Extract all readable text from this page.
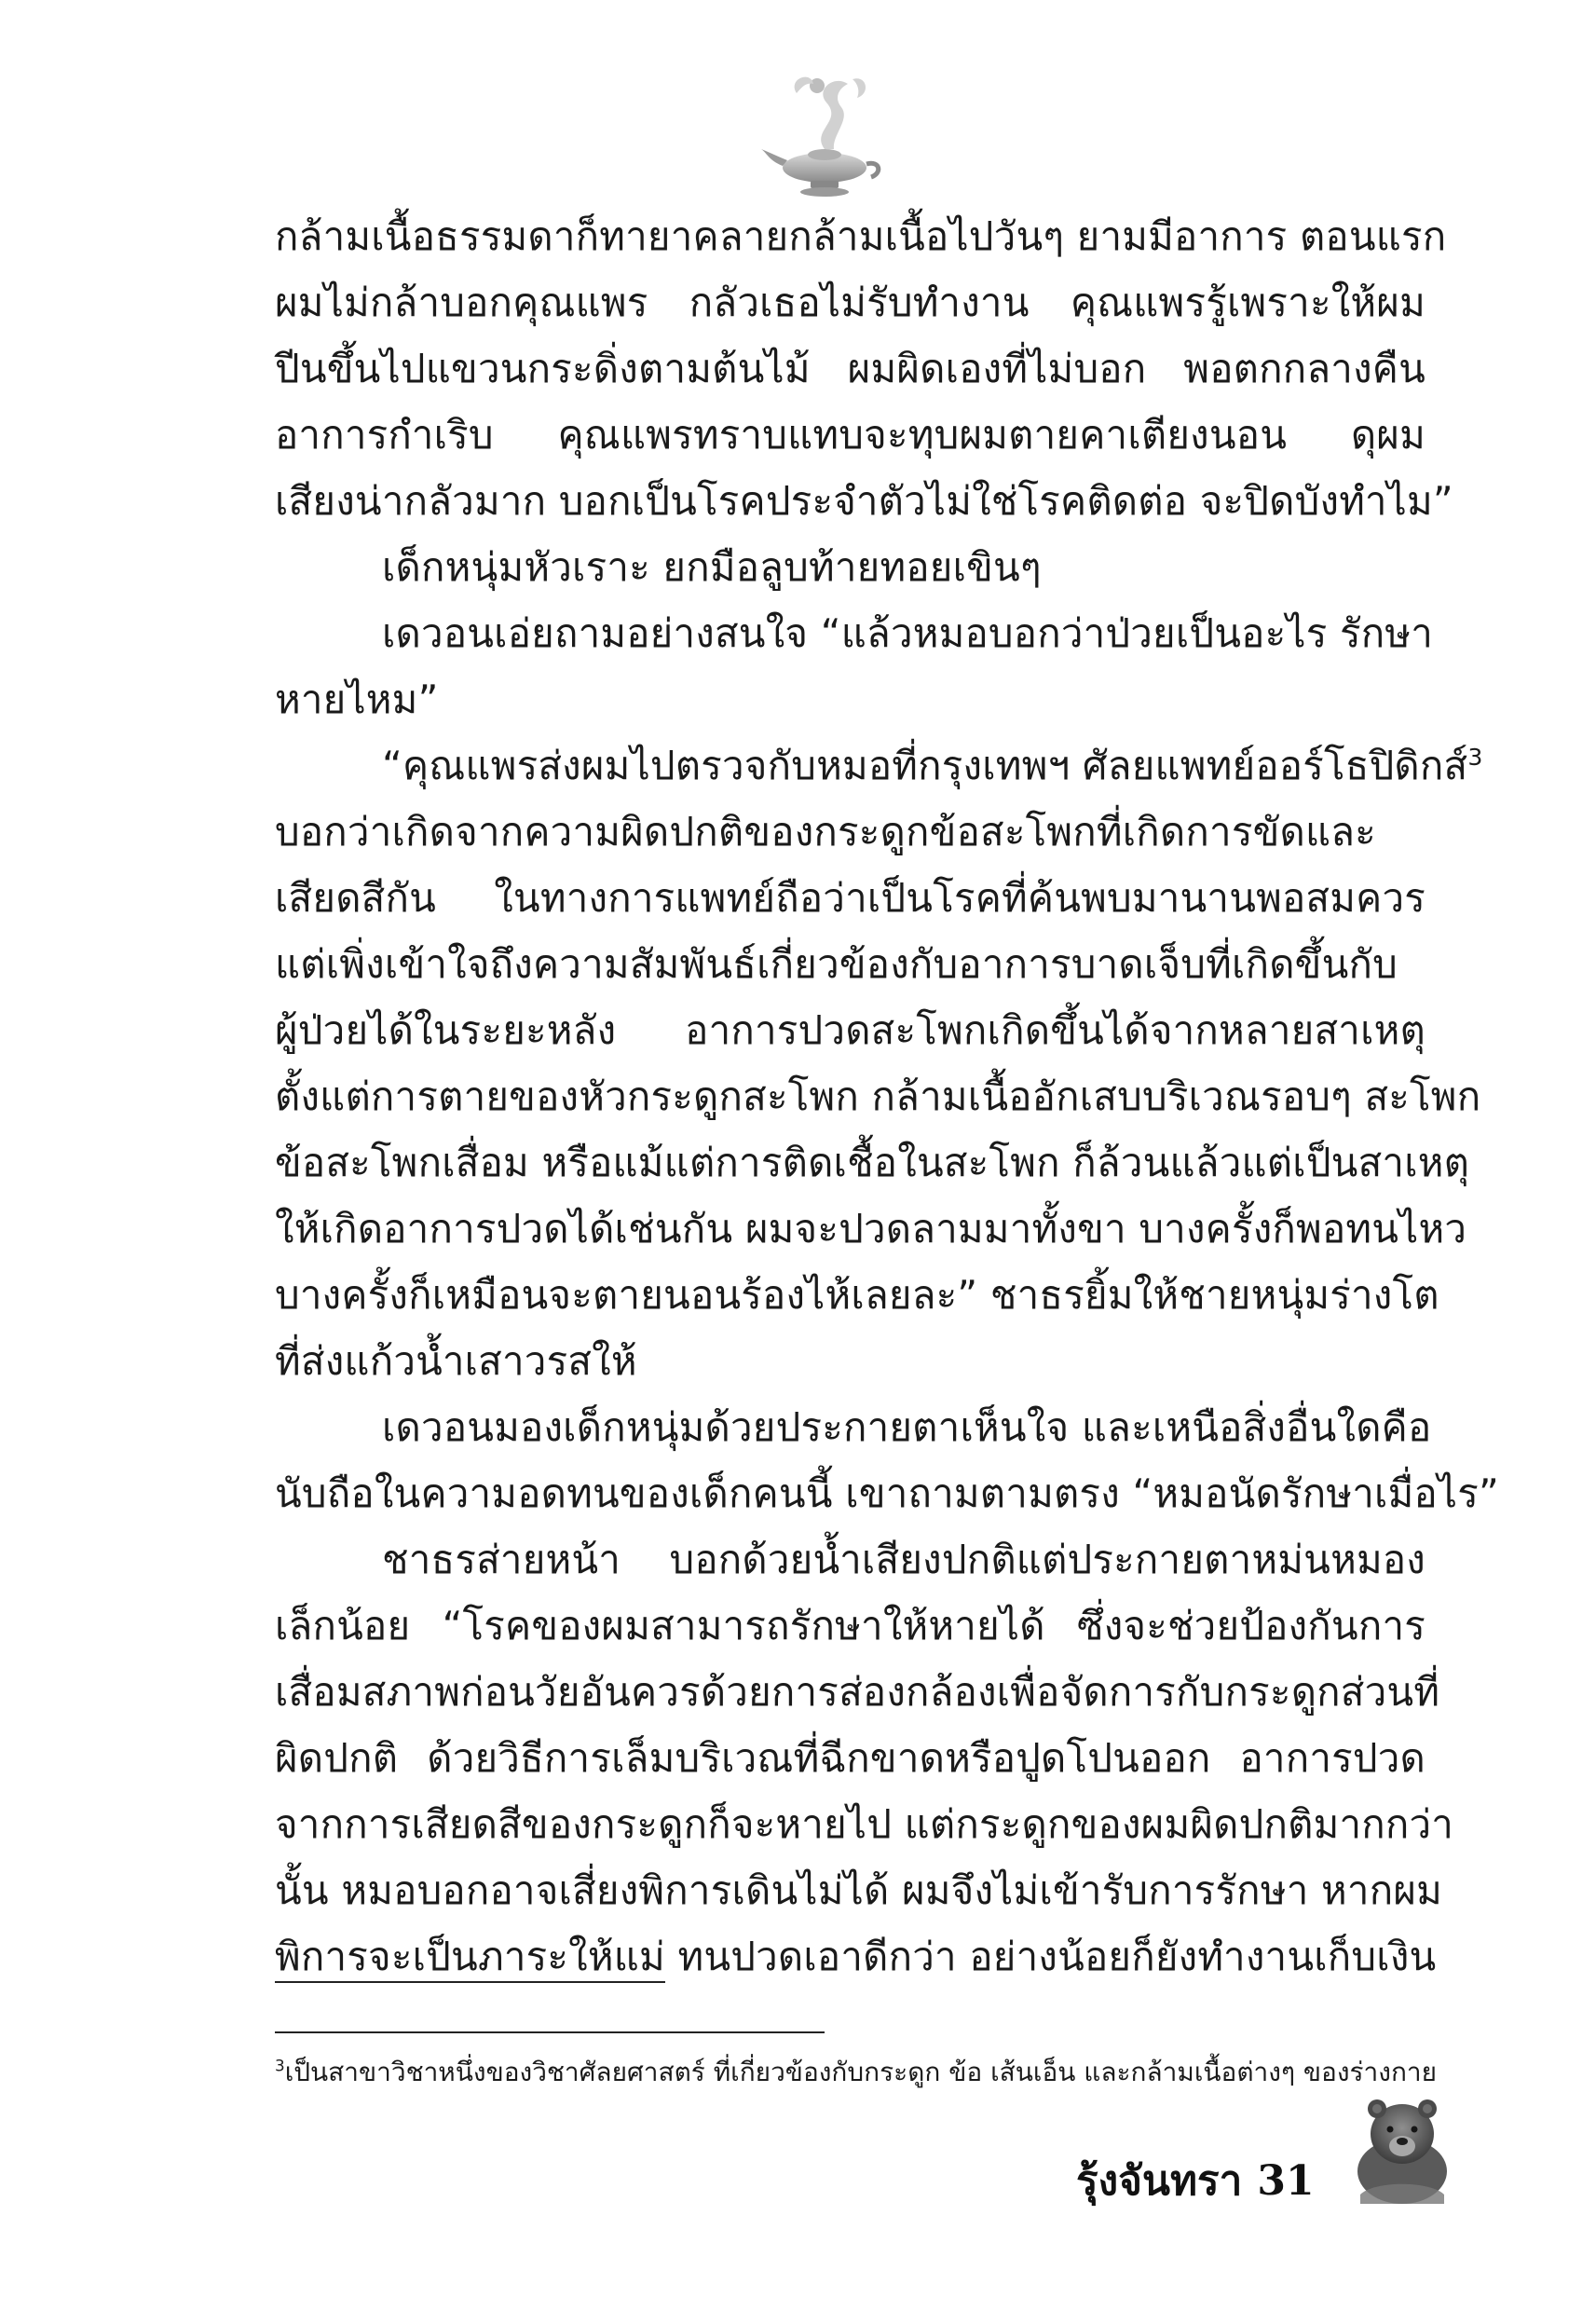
กล้ามเนื้อธรรมดาก็ทายาคลายกล้ามเนื้อไปวันๆ ยามมีอาการ ตอนแรก
ผมไม่กล้าบอกคุณแพร กลัวเธอไม่รับทำงาน คุณแพรรู้เพราะให้ผม
ปีนขึ้นไปแขวนกระดิ่งตามต้นไม้ ผมผิดเองที่ไม่บอก พอตกกลางคืน
อาการกำเริบ คุณแพรทราบแทบจะทุบผมตายคาเตียงนอน ดุผม
เสียงน่ากลัวมาก บอกเป็นโรคประจำตัวไม่ใช่โรคติดต่อ จะปิดบังทำไม”
เด็กหนุ่มหัวเราะ ยกมือลูบท้ายทอยเขินๆ
เดวอนเอ่ยถามอย่างสนใจ “แล้วหมอบอกว่าป่วยเป็นอะไร รักษา
หายไหม”
“คุณแพรส่งผมไปตรวจกับหมอที่กรุงเทพฯ ศัลยแพทย์ออร์โธปิดิกส์$^3$
บอกว่าเกิดจากความผิดปกติของกระดูกข้อสะโพกที่เกิดการขัดและ
เสียดสีกัน ในทางการแพทย์ถือว่าเป็นโรคที่ค้นพบมานานพอสมควร
แต่เพิ่งเข้าใจถึงความสัมพันธ์เกี่ยวข้องกับอาการบาดเจ็บที่เกิดขึ้นกับ
ผู้ป่วยได้ในระยะหลัง อาการปวดสะโพกเกิดขึ้นได้จากหลายสาเหตุ
ตั้งแต่การตายของหัวกระดูกสะโพก กล้ามเนื้ออักเสบบริเวณรอบๆ สะโพก
ข้อสะโพกเสื่อม หรือแม้แต่การติดเชื้อในสะโพก ก็ล้วนแล้วแต่เป็นสาเหตุ
ให้เกิดอาการปวดได้เช่นกัน ผมจะปวดลามมาทั้งขา บางครั้งก็พอทนไหว
บางครั้งก็เหมือนจะตายนอนร้องไห้เลยละ” ชาธรยิ้มให้ชายหนุ่มร่างโต
ที่ส่งแก้วน้ำเสาวรสให้
เดวอนมองเด็กหนุ่มด้วยประกายตาเห็นใจ และเหนือสิ่งอื่นใดคือ
นับถือในความอดทนของเด็กคนนี้ เขาถามตามตรง “หมอนัดรักษาเมื่อไร”
ชาธรส่ายหน้า บอกด้วยน้ำเสียงปกติแต่ประกายตาหม่นหมอง
เล็กน้อย “โรคของผมสามารถรักษาให้หายได้ ซึ่งจะช่วยป้องกันการ
เสื่อมสภาพก่อนวัยอันควรด้วยการส่องกล้องเพื่อจัดการกับกระดูกส่วนที่
ผิดปกติ ด้วยวิธีการเล็มบริเวณที่ฉีกขาดหรือปูดโปนออก อาการปวด
จากการเสียดสีของกระดูกก็จะหายไป แต่กระดูกของผมผิดปกติมากกว่า
นั้น หมอบอกอาจเสี่ยงพิการเดินไม่ได้ ผมจึงไม่เข้ารับการรักษา หากผม
พิการจะเป็นภาระให้แม่ ทนปวดเอาดีกว่า อย่างน้อยก็ยังทำงานเก็บเงิน
$^3$เป็นสาขาวิชาหนึ่งของวิชาศัลยศาสตร์ ที่เกี่ยวข้องกับกระดูก ข้อ เส้นเอ็น และกล้ามเนื้อต่างๆ ของร่างกาย
รุ้งจันทรา 31
